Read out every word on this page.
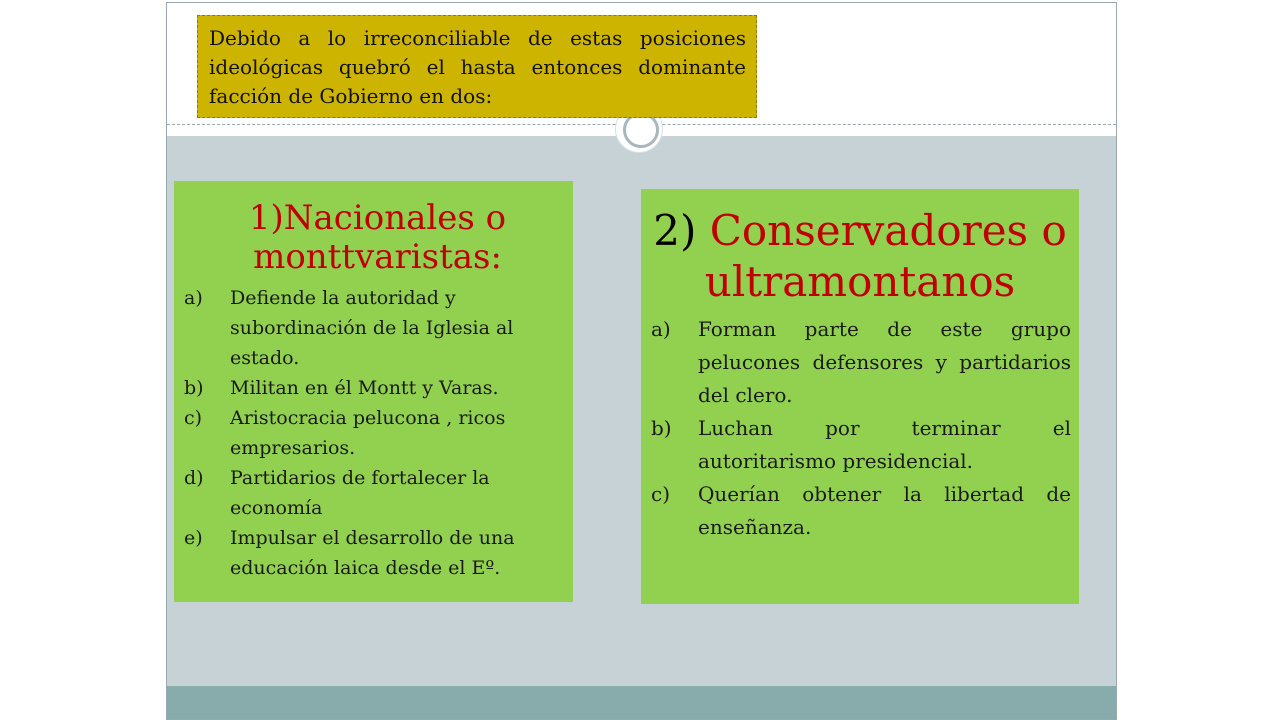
Debido a lo irreconciliable de estas posiciones ideológicas quebró el hasta entonces dominante facción de Gobierno en dos:
1)Nacionales o monttvaristas:
a) Defiende la autoridad y subordinación de la Iglesia al estado.
b) Militan en él Montt y Varas.
c) Aristocracia pelucona , ricos empresarios.
d) Partidarios de fortalecer la economía
e) Impulsar el desarrollo de una educación laica desde el Eº.
2) Conservadores o ultramontanos
a) Forman parte de este grupo pelucones defensores y partidarios del clero.
b) Luchan por terminar el autoritarismo presidencial.
c) Querían obtener la libertad de enseñanza.
